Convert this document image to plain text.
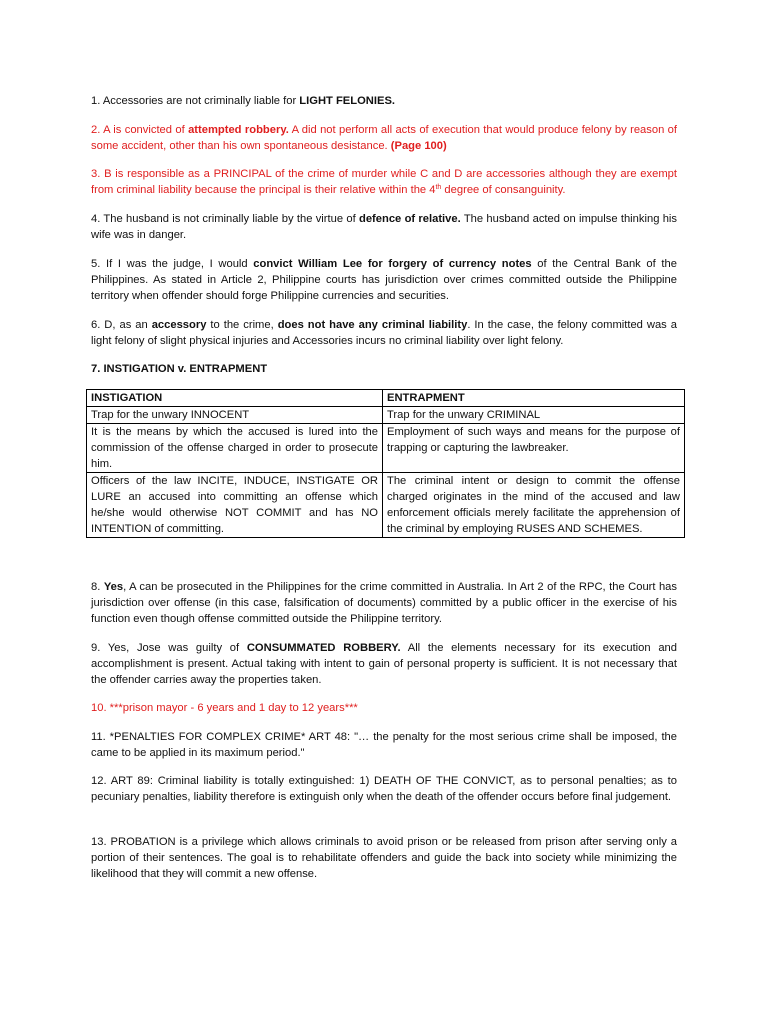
1. Accessories are not criminally liable for LIGHT FELONIES.

2. A is convicted of attempted robbery. A did not perform all acts of execution that would produce felony by reason of some accident, other than his own spontaneous desistance. (Page 100)

3. B is responsible as a PRINCIPAL of the crime of murder while C and D are accessories although they are exempt from criminal liability because the principal is their relative within the 4th degree of consanguinity.

4. The husband is not criminally liable by the virtue of defence of relative. The husband acted on impulse thinking his wife was in danger.

5. If I was the judge, I would convict William Lee for forgery of currency notes of the Central Bank of the Philippines. As stated in Article 2, Philippine courts has jurisdiction over crimes committed outside the Philippine territory when offender should forge Philippine currencies and securities.

6. D, as an accessory to the crime, does not have any criminal liability. In the case, the felony committed was a light felony of slight physical injuries and Accessories incurs no criminal liability over light felony.

7. INSTIGATION v. ENTRAPMENT

INSTIGATION	ENTRAPMENT
Trap for the unwary INNOCENT	Trap for the unwary CRIMINAL
It is the means by which the accused is lured into the commission of the offense charged in order to prosecute him.	Employment of such ways and means for the purpose of trapping or capturing the lawbreaker.
Officers of the law INCITE, INDUCE, INSTIGATE OR LURE an accused into committing an offense which he/she would otherwise NOT COMMIT and has NO INTENTION of committing.	The criminal intent or design to commit the offense charged originates in the mind of the accused and law enforcement officials merely facilitate the apprehension of the criminal by employing RUSES AND SCHEMES.

8. Yes, A can be prosecuted in the Philippines for the crime committed in Australia. In Art 2 of the RPC, the Court has jurisdiction over offense (in this case, falsification of documents) committed by a public officer in the exercise of his function even though offense committed outside the Philippine territory.

9. Yes, Jose was guilty of CONSUMMATED ROBBERY. All the elements necessary for its execution and accomplishment is present. Actual taking with intent to gain of personal property is sufficient. It is not necessary that the offender carries away the properties taken.

10. ***prison mayor - 6 years and 1 day to 12 years***

11. *PENALTIES FOR COMPLEX CRIME* ART 48: "… the penalty for the most serious crime shall be imposed, the came to be applied in its maximum period."

12. ART 89: Criminal liability is totally extinguished: 1) DEATH OF THE CONVICT, as to personal penalties; as to pecuniary penalties, liability therefore is extinguish only when the death of the offender occurs before final judgement.

13. PROBATION is a privilege which allows criminals to avoid prison or be released from prison after serving only a portion of their sentences. The goal is to rehabilitate offenders and guide the back into society while minimizing the likelihood that they will commit a new offense.
